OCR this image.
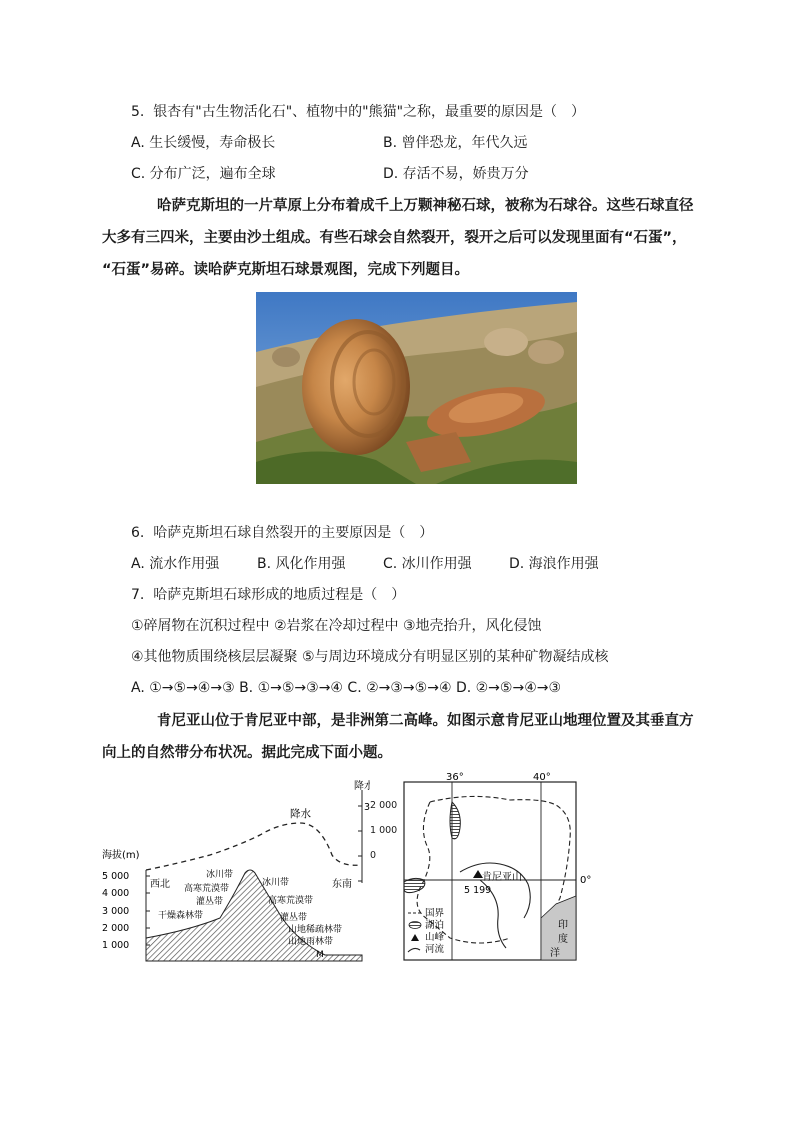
5.  银杏有"古生物活化石"、植物中的"熊猫"之称，最重要的原因是（　）
A. 生长缓慢，寿命极长	B. 曾伴恐龙，年代久远
C. 分布广泛，遍布全球	D. 存活不易，娇贵万分
哈萨克斯坦的一片草原上分布着成千上万颗神秘石球，被称为石球谷。这些石球直径
大多有三四米，主要由沙土组成。有些石球会自然裂开，裂开之后可以发现里面有“石蛋”，
“石蛋”易碎。读哈萨克斯坦石球景观图，完成下列题目。
6.  哈萨克斯坦石球自然裂开的主要原因是（　）
A. 流水作用强	B. 风化作用强	C. 冰川作用强	D. 海浪作用强
7.  哈萨克斯坦石球形成的地质过程是（　）
①碎屑物在沉积过程中 ②岩浆在冷却过程中 ③地壳抬升，风化侵蚀
④其他物质围绕核层层凝聚 ⑤与周边环境成分有明显区别的某种矿物凝结成核
A. ①→⑤→④→③ B. ①→⑤→③→④ C. ②→③→⑤→④ D. ②→⑤→④→③
肯尼亚山位于肯尼亚中部，是非洲第二高峰。如图示意肯尼亚山地理位置及其垂直方
向上的自然带分布状况。据此完成下面小题。
海拔(m)
5 000
4 000
3 000
2 000
1 000
降水
3
降水
西北	东南
冰川带
高寒荒漠带
灌丛带
干燥森林带
冰川带
高寒荒漠带
灌丛带
山地稀疏林带
山地雨林带
M
2 000
1 000
0
36°	40°
0°
肯尼亚山
5 199
印
度
洋
国界
湖泊
山峰
河流
